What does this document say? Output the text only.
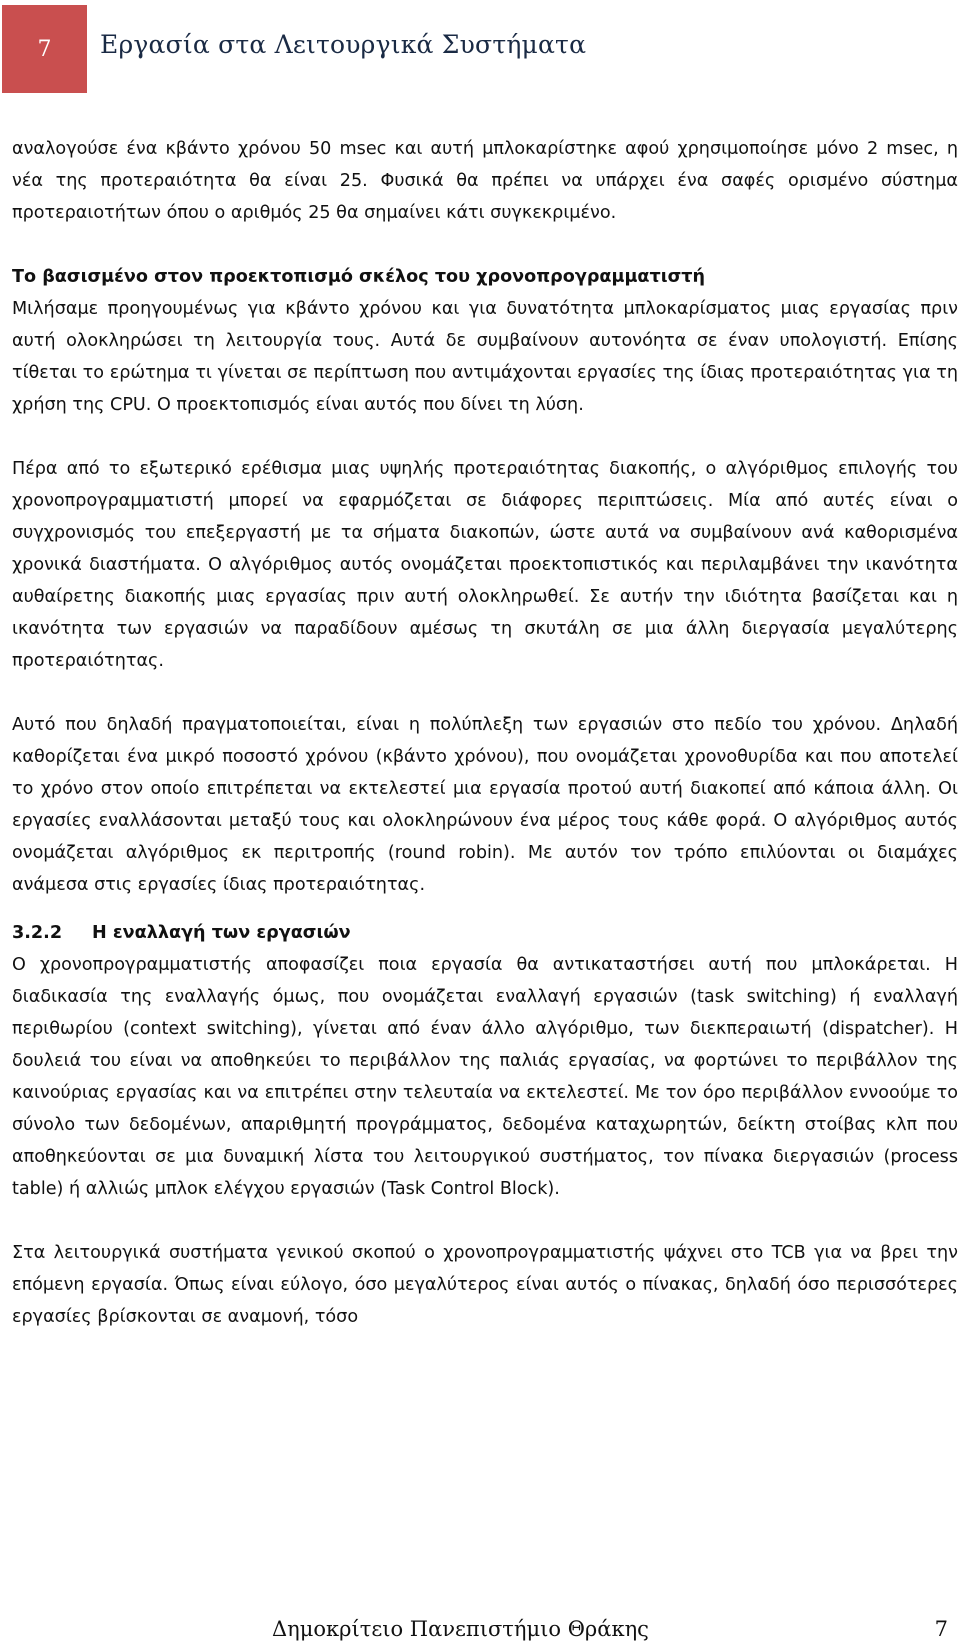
7	Εργασία στα Λειτουργικά Συστήματα

αναλογούσε ένα κβάντο χρόνου 50 msec και αυτή μπλοκαρίστηκε αφού χρησιμοποίησε μόνο 2 msec, η νέα της προτεραιότητα θα είναι 25. Φυσικά θα πρέπει να υπάρχει ένα σαφές ορισμένο σύστημα προτεραιοτήτων όπου ο αριθμός 25 θα σημαίνει κάτι συγκεκριμένο.

Το βασισμένο στον προεκτοπισμό σκέλος του χρονοπρογραμματιστή

Μιλήσαμε προηγουμένως για κβάντο χρόνου και για δυνατότητα μπλοκαρίσματος μιας εργασίας πριν αυτή ολοκληρώσει τη λειτουργία τους. Αυτά δε συμβαίνουν αυτονόητα σε έναν υπολογιστή. Επίσης τίθεται το ερώτημα τι γίνεται σε περίπτωση που αντιμάχονται εργασίες της ίδιας προτεραιότητας για τη χρήση της CPU. Ο προεκτοπισμός είναι αυτός που δίνει τη λύση.

Πέρα από το εξωτερικό ερέθισμα μιας υψηλής προτεραιότητας διακοπής, ο αλγόριθμος επιλογής του χρονοπρογραμματιστή μπορεί να εφαρμόζεται σε διάφορες περιπτώσεις. Μία από αυτές είναι ο συγχρονισμός του επεξεργαστή με τα σήματα διακοπών, ώστε αυτά να συμβαίνουν ανά καθορισμένα χρονικά διαστήματα. Ο αλγόριθμος αυτός ονομάζεται προεκτοπιστικός και περιλαμβάνει την ικανότητα αυθαίρετης διακοπής μιας εργασίας πριν αυτή ολοκληρωθεί. Σε αυτήν την ιδιότητα βασίζεται και η ικανότητα των εργασιών να παραδίδουν αμέσως τη σκυτάλη σε μια άλλη διεργασία μεγαλύτερης προτεραιότητας.

Αυτό που δηλαδή πραγματοποιείται, είναι η πολύπλεξη των εργασιών στο πεδίο του χρόνου. Δηλαδή καθορίζεται ένα μικρό ποσοστό χρόνου (κβάντο χρόνου), που ονομάζεται χρονοθυρίδα και που αποτελεί το χρόνο στον οποίο επιτρέπεται να εκτελεστεί μια εργασία προτού αυτή διακοπεί από κάποια άλλη. Οι εργασίες εναλλάσονται μεταξύ τους και ολοκληρώνουν ένα μέρος τους κάθε φορά. Ο αλγόριθμος αυτός ονομάζεται αλγόριθμος εκ περιτροπής (round robin). Με αυτόν τον τρόπο επιλύονται οι διαμάχες ανάμεσα στις εργασίες ίδιας προτεραιότητας.

3.2.2 Η εναλλαγή των εργασιών

Ο χρονοπρογραμματιστής αποφασίζει ποια εργασία θα αντικαταστήσει αυτή που μπλοκάρεται. Η διαδικασία της εναλλαγής όμως, που ονομάζεται εναλλαγή εργασιών (task switching) ή εναλλαγή περιθωρίου (context switching), γίνεται από έναν άλλο αλγόριθμο, των διεκπεραιωτή (dispatcher). Η δουλειά του είναι να αποθηκεύει το περιβάλλον της παλιάς εργασίας, να φορτώνει το περιβάλλον της καινούριας εργασίας και να επιτρέπει στην τελευταία να εκτελεστεί. Με τον όρο περιβάλλον εννοούμε το σύνολο των δεδομένων, απαριθμητή προγράμματος, δεδομένα καταχωρητών, δείκτη στοίβας κλπ που αποθηκεύονται σε μια δυναμική λίστα του λειτουργικού συστήματος, τον πίνακα διεργασιών (process table) ή αλλιώς μπλοκ ελέγχου εργασιών (Task Control Block).

Στα λειτουργικά συστήματα γενικού σκοπού ο χρονοπρογραμματιστής ψάχνει στο TCB για να βρει την επόμενη εργασία. Όπως είναι εύλογο, όσο μεγαλύτερος είναι αυτός ο πίνακας, δηλαδή όσο περισσότερες εργασίες βρίσκονται σε αναμονή, τόσο

Δημοκρίτειο Πανεπιστήμιο Θράκης	7
